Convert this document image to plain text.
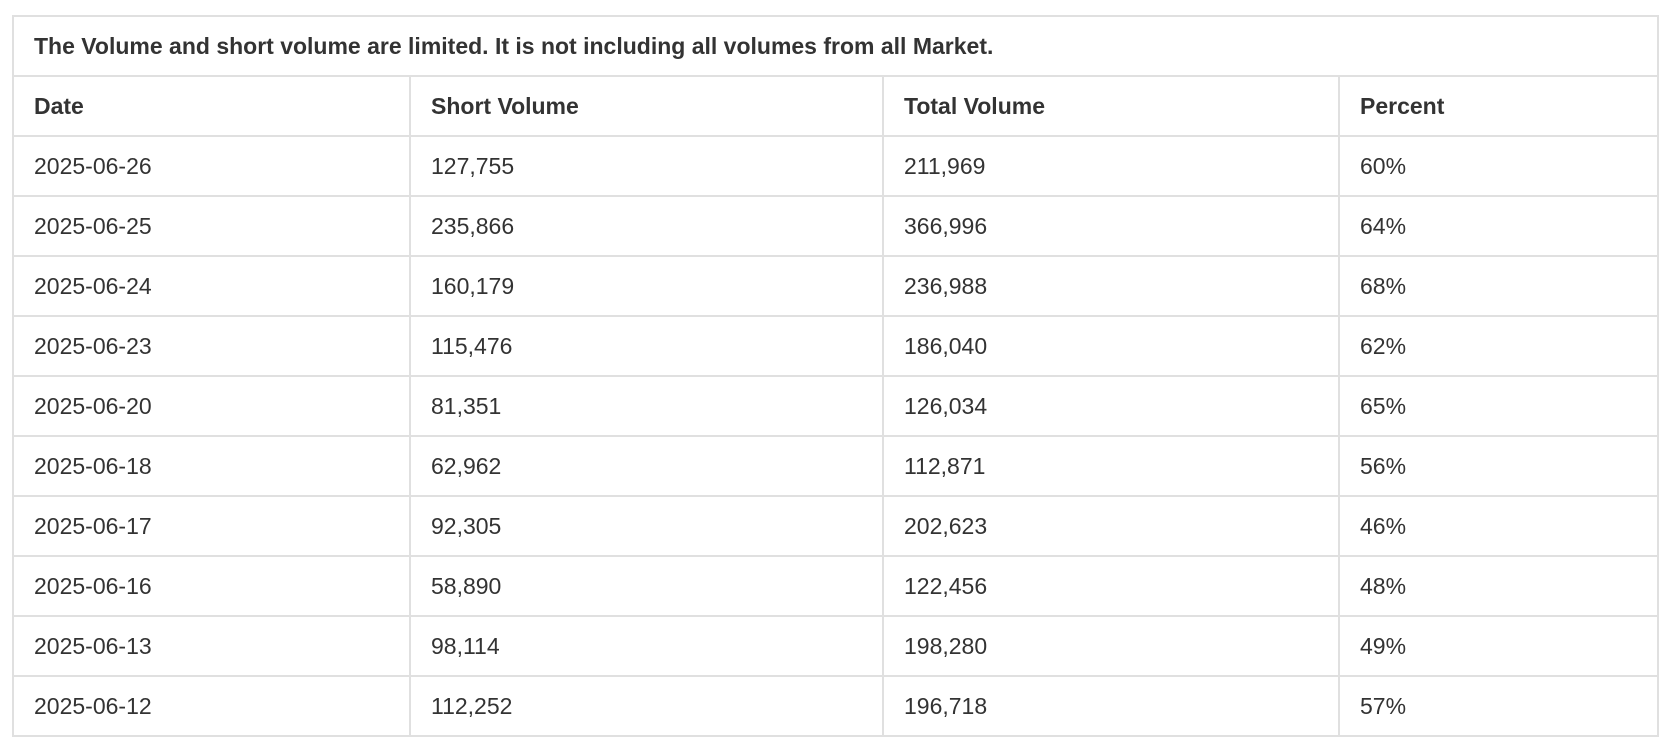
The Volume and short volume are limited. It is not including all volumes from all Market.			
Date	Short Volume	Total Volume	Percent
2025-06-26	127,755	211,969	60%
2025-06-25	235,866	366,996	64%
2025-06-24	160,179	236,988	68%
2025-06-23	115,476	186,040	62%
2025-06-20	81,351	126,034	65%
2025-06-18	62,962	112,871	56%
2025-06-17	92,305	202,623	46%
2025-06-16	58,890	122,456	48%
2025-06-13	98,114	198,280	49%
2025-06-12	112,252	196,718	57%
